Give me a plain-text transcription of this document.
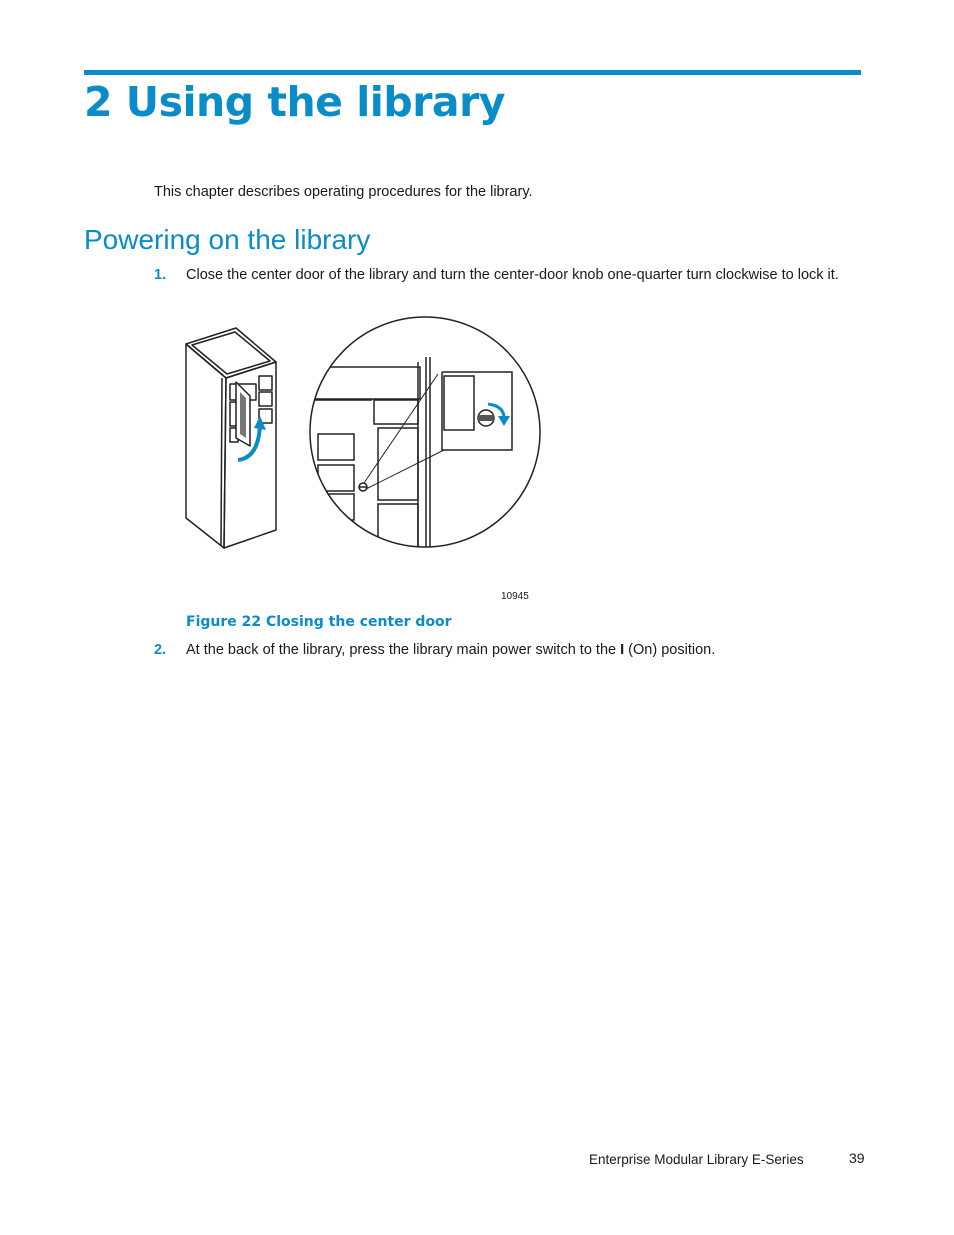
2 Using the library

This chapter describes operating procedures for the library.

Powering on the library
1. Close the center door of the library and turn the center-door knob one-quarter turn clockwise to lock it.
10945

Figure 22 Closing the center door

2. At the back of the library, press the library main power switch to the I (On) position.
Enterprise Modular Library E-Series	39
